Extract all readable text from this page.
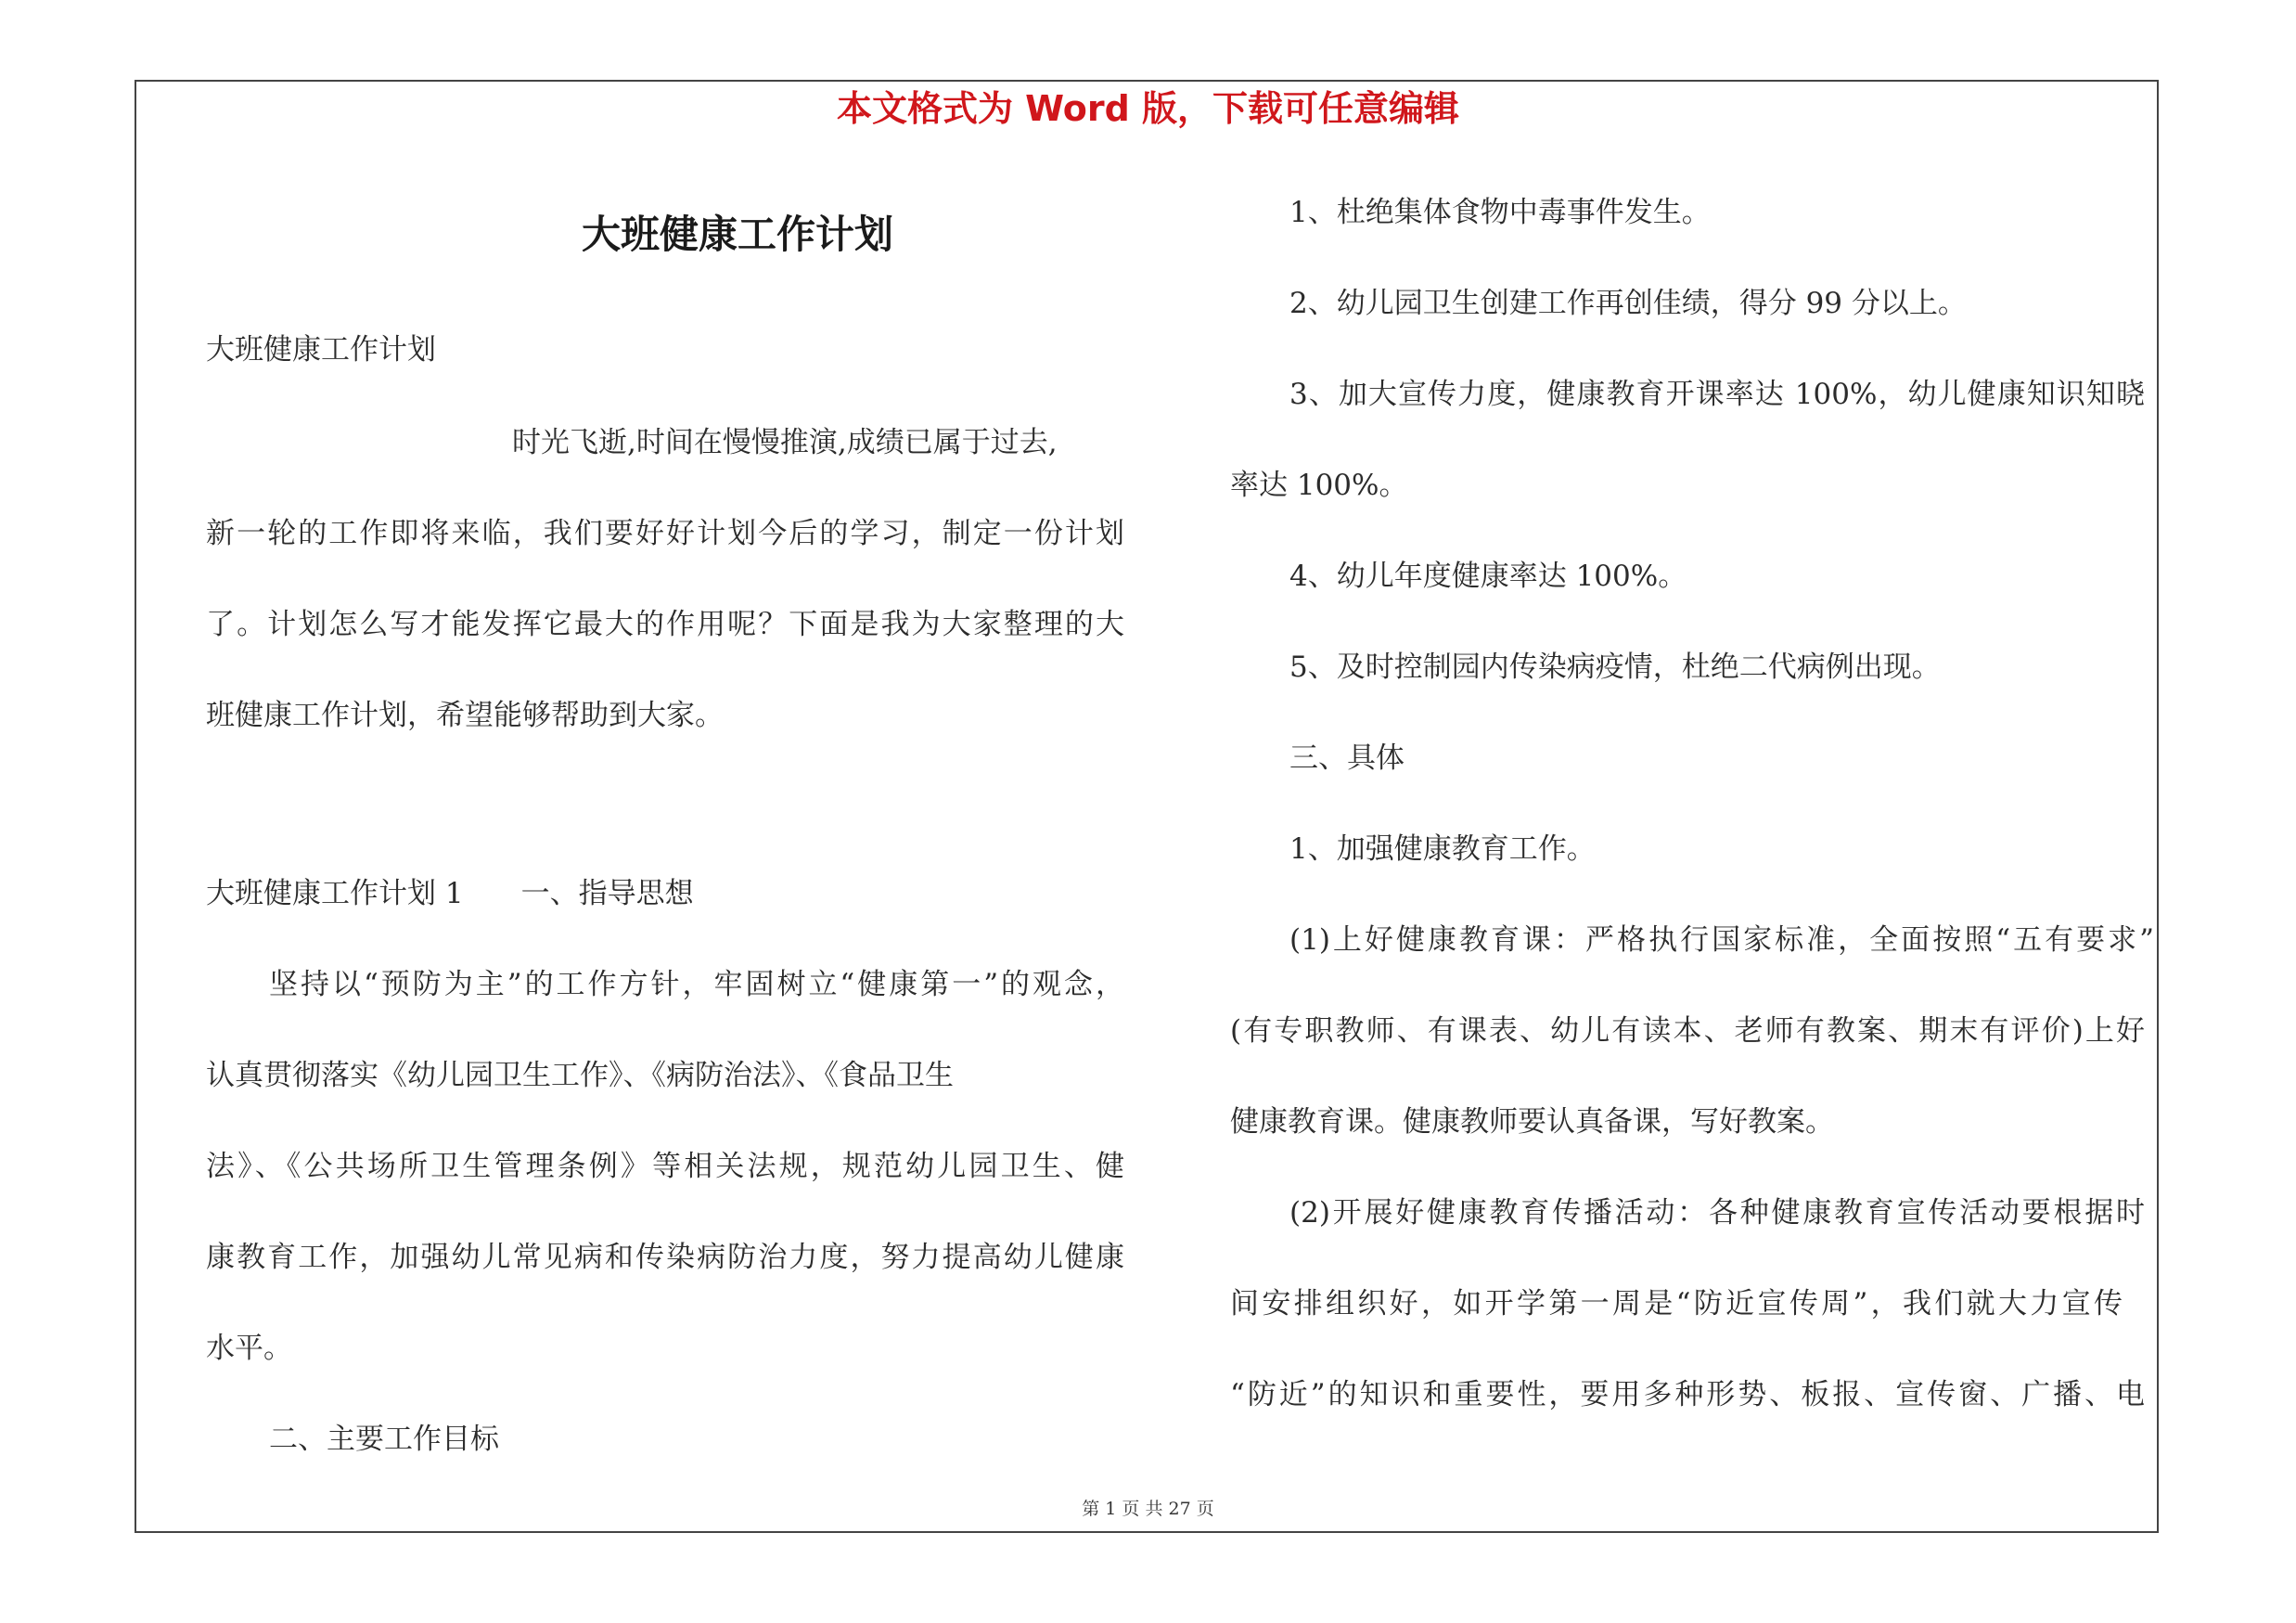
本文格式为 Word 版，下载可任意编辑
大班健康工作计划
大班健康工作计划
时光飞逝,时间在慢慢推演,成绩已属于过去,
新一轮的工作即将来临，我们要好好计划今后的学习，制定一份计划
了。计划怎么写才能发挥它最大的作用呢？下面是我为大家整理的大
班健康工作计划，希望能够帮助到大家。
大班健康工作计划 1　　一、指导思想
坚持以“预防为主”的工作方针，牢固树立“健康第一”的观念，
认真贯彻落实《幼儿园卫生工作》、《病防治法》、《食品卫生
法》、《公共场所卫生管理条例》等相关法规，规范幼儿园卫生、健
康教育工作，加强幼儿常见病和传染病防治力度，努力提高幼儿健康
水平。
二、主要工作目标
1、杜绝集体食物中毒事件发生。
2、幼儿园卫生创建工作再创佳绩，得分 99 分以上。
3、加大宣传力度，健康教育开课率达 100%，幼儿健康知识知晓
率达 100%。
4、幼儿年度健康率达 100%。
5、及时控制园内传染病疫情，杜绝二代病例出现。
三、具体
1、加强健康教育工作。
(1)上好健康教育课：严格执行国家标准，全面按照“五有要求”
(有专职教师、有课表、幼儿有读本、老师有教案、期末有评价)上好
健康教育课。健康教师要认真备课，写好教案。
(2)开展好健康教育传播活动：各种健康教育宣传活动要根据时
间安排组织好，如开学第一周是“防近宣传周”，我们就大力宣传
“防近”的知识和重要性，要用多种形势、板报、宣传窗、广播、电
第 1 页 共 27 页
